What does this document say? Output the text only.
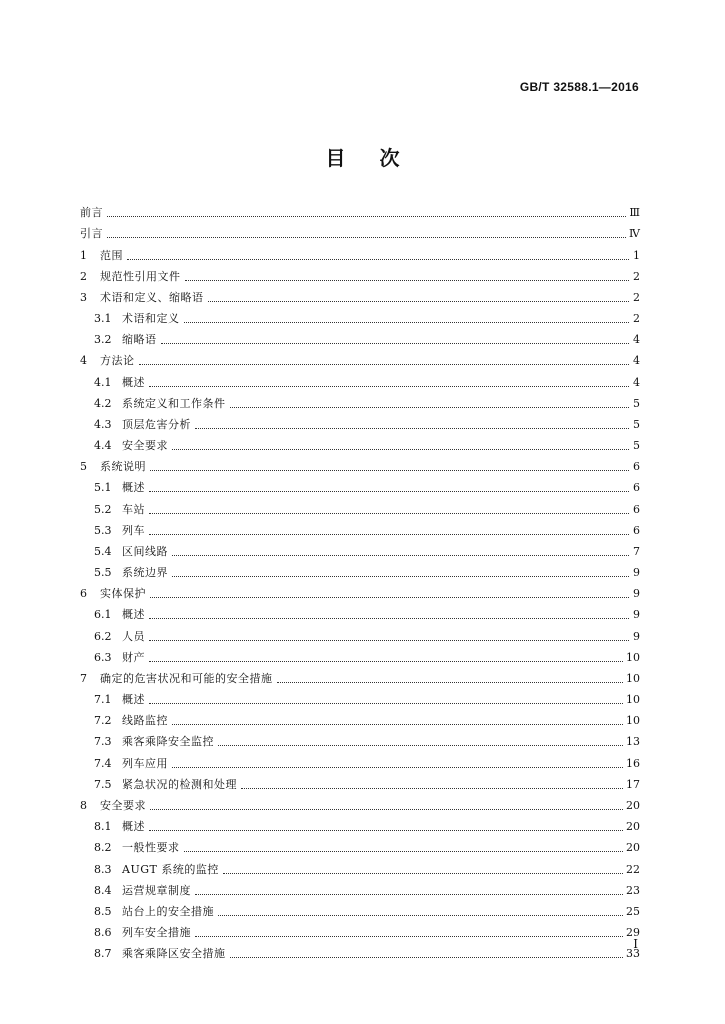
GB/T 32588.1—2016
目次
前言	Ⅲ
引言	Ⅳ
1	范围	1
2	规范性引用文件	2
3	术语和定义、缩略语	2
3.1 术语和定义	2
3.2 缩略语	4
4	方法论	4
4.1 概述	4
4.2 系统定义和工作条件	5
4.3 顶层危害分析	5
4.4 安全要求	5
5	系统说明	6
5.1 概述	6
5.2 车站	6
5.3 列车	6
5.4 区间线路	7
5.5 系统边界	9
6	实体保护	9
6.1 概述	9
6.2 人员	9
6.3 财产	10
7	确定的危害状况和可能的安全措施	10
7.1 概述	10
7.2 线路监控	10
7.3 乘客乘降安全监控	13
7.4 列车应用	16
7.5 紧急状况的检测和处理	17
8	安全要求	20
8.1 概述	20
8.2 一般性要求	20
8.3 AUGT 系统的监控	22
8.4 运营规章制度	23
8.5 站台上的安全措施	25
8.6 列车安全措施	29
8.7 乘客乘降区安全措施	33
I
